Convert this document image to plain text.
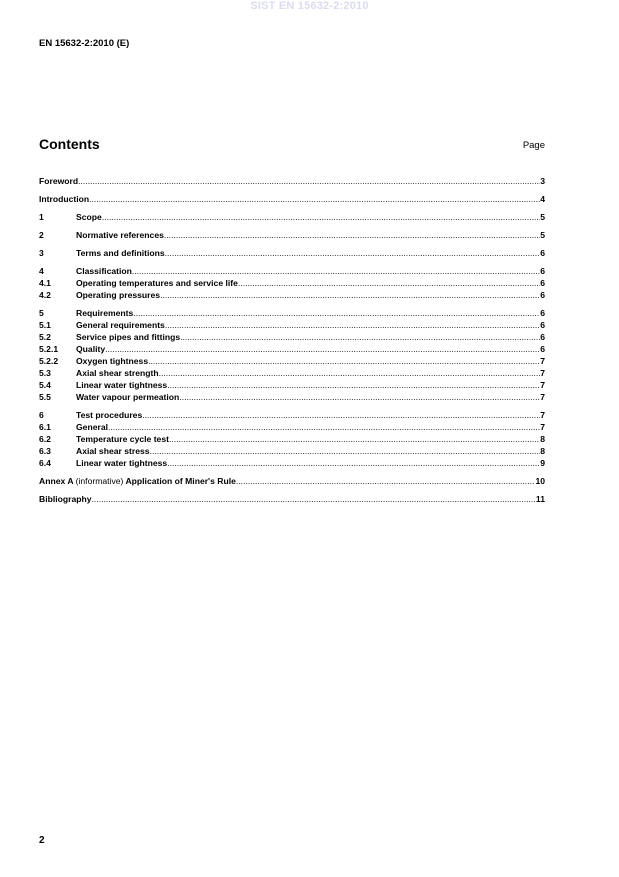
SIST EN 15632-2:2010
EN 15632-2:2010 (E)
Contents	Page
Foreword .....	3
Introduction .....	4
1	Scope .....	5
2	Normative references .....	5
3	Terms and definitions .....	6
4	Classification .....	6
4.1	Operating temperatures and service life .....	6
4.2	Operating pressures .....	6
5	Requirements .....	6
5.1	General requirements .....	6
5.2	Service pipes and fittings .....	6
5.2.1	Quality .....	6
5.2.2	Oxygen tightness .....	7
5.3	Axial shear strength .....	7
5.4	Linear water tightness .....	7
5.5	Water vapour permeation .....	7
6	Test procedures .....	7
6.1	General .....	7
6.2	Temperature cycle test .....	8
6.3	Axial shear stress .....	8
6.4	Linear water tightness .....	9
Annex A (informative) Application of Miner's Rule .....	10
Bibliography .....	11
2
